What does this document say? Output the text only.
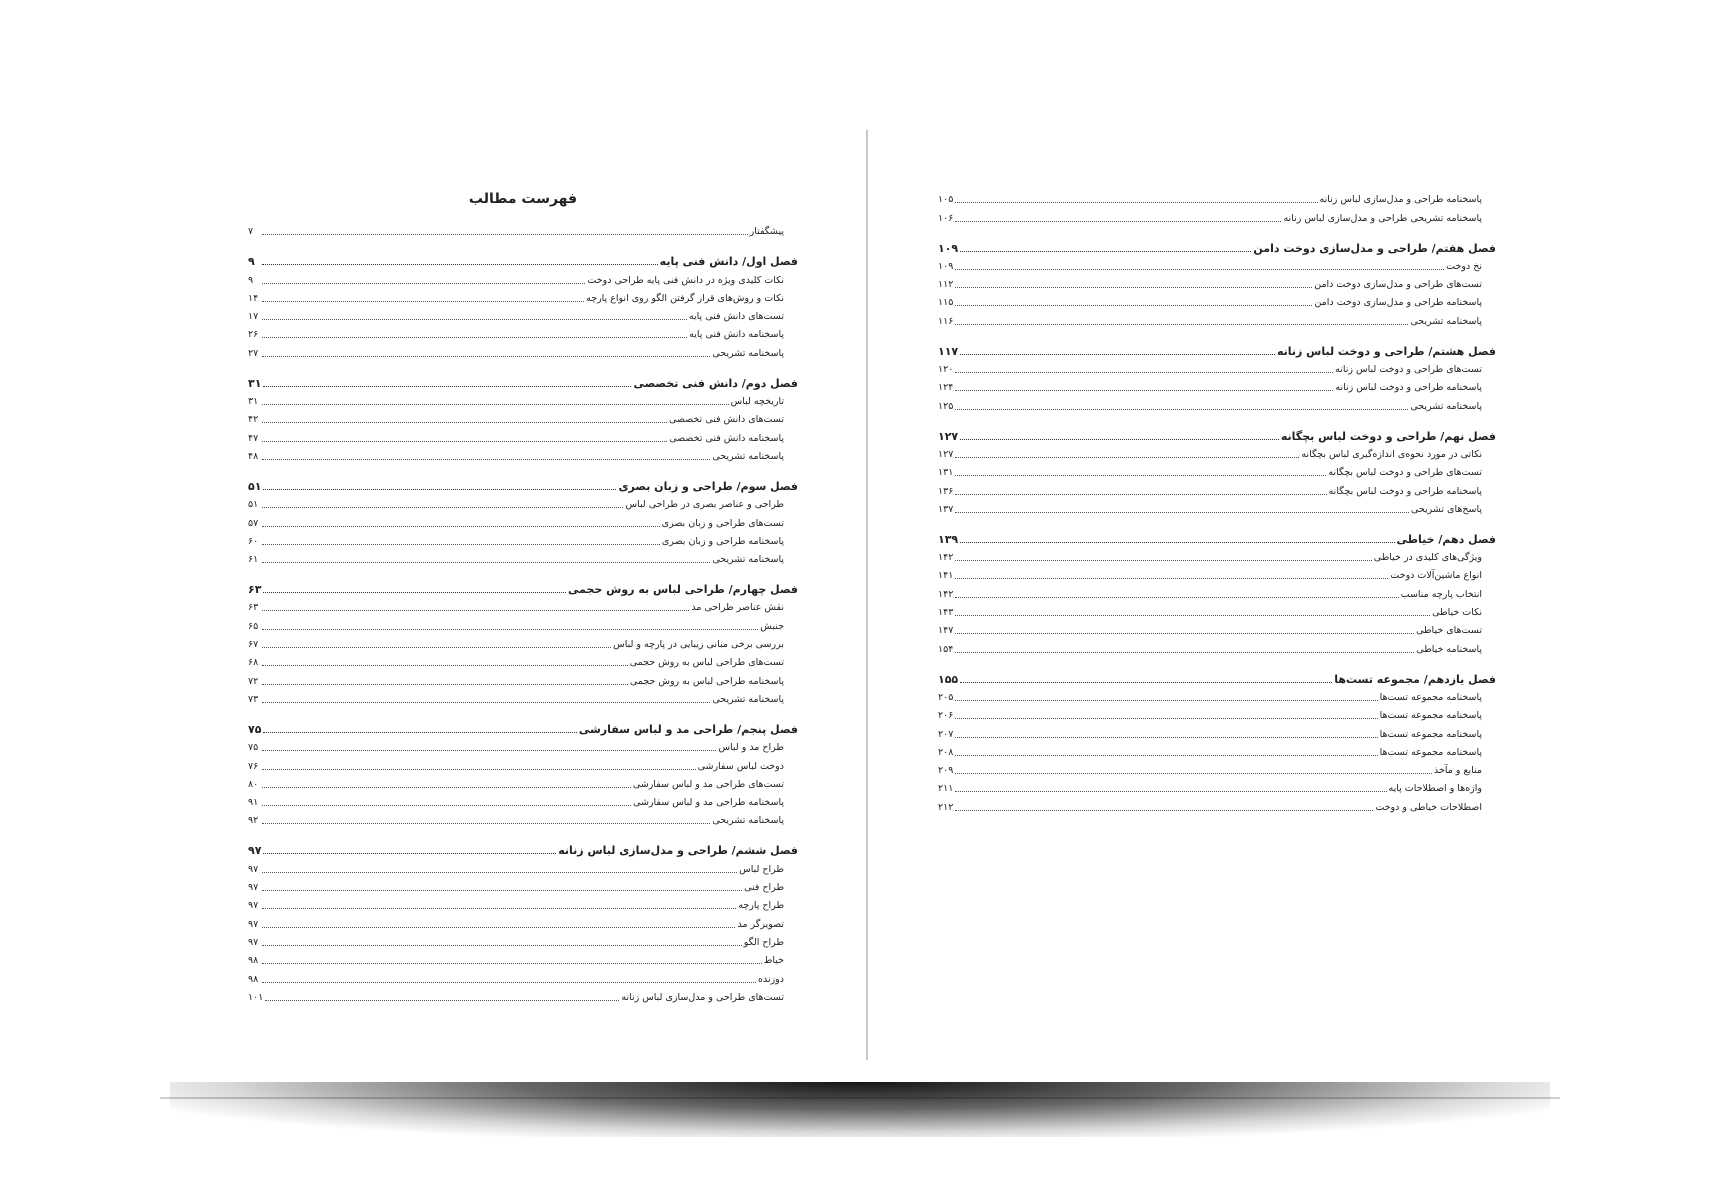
فهرست مطالب
پیشگفتار
۷
فصل اول/ دانش فنی پایه
۹
نکات کلیدی ویژه در دانش فنی پایه طراحی دوخت
۹
نکات و روش‌های قرار گرفتن الگو روی انواع پارچه
۱۴
تست‌های دانش فنی پایه
۱۷
پاسخنامه دانش فنی پایه
۲۶
پاسخنامه تشریحی
۲۷
فصل دوم/ دانش فنی تخصصی
۳۱
تاریخچه لباس
۳۱
تست‌های دانش فنی تخصصی
۴۲
پاسخنامه دانش فنی تخصصی
۴۷
پاسخنامه تشریحی
۴۸
فصل سوم/ طراحی و زبان بصری
۵۱
طراحی و عناصر بصری در طراحی لباس
۵۱
تست‌های طراحی و زبان بصری
۵۷
پاسخنامه طراحی و زبان بصری
۶۰
پاسخنامه تشریحی
۶۱
فصل چهارم/ طراحی لباس به روش حجمی
۶۳
نقش عناصر طراحی مد
۶۳
جنبش
۶۵
بررسی برخی مبانی زیبایی در پارچه و لباس
۶۷
تست‌های طراحی لباس به روش حجمی
۶۸
پاسخنامه طراحی لباس به روش حجمی
۷۲
پاسخنامه تشریحی
۷۳
فصل پنجم/ طراحی مد و لباس سفارشی
۷۵
طراح مد و لباس
۷۵
دوخت لباس سفارشی
۷۶
تست‌های طراحی مد و لباس سفارشی
۸۰
پاسخنامه طراحی مد و لباس سفارشی
۹۱
پاسخنامه تشریحی
۹۲
فصل ششم/ طراحی و مدل‌سازی لباس زنانه
۹۷
طراح لباس
۹۷
طراح فنی
۹۷
طراح پارچه
۹۷
تصویرگر مد
۹۷
طراح الگو
۹۷
خیاط
۹۸
دوزنده
۹۸
تست‌های طراحی و مدل‌سازی لباس زنانه
۱۰۱
پاسخنامه طراحی و مدل‌سازی لباس زنانه
۱۰۵
پاسخنامه تشریحی طراحی و مدل‌سازی لباس زنانه
۱۰۶
فصل هفتم/ طراحی و مدل‌سازی دوخت دامن
۱۰۹
نخ دوخت
۱۰۹
تست‌های طراحی و مدل‌سازی دوخت دامن
۱۱۲
پاسخنامه طراحی و مدل‌سازی دوخت دامن
۱۱۵
پاسخنامه تشریحی
۱۱۶
فصل هشتم/ طراحی و دوخت لباس زنانه
۱۱۷
تست‌های طراحی و دوخت لباس زنانه
۱۲۰
پاسخنامه طراحی و دوخت لباس زنانه
۱۲۴
پاسخنامه تشریحی
۱۲۵
فصل نهم/ طراحی و دوخت لباس بچگانه
۱۲۷
نکاتی در مورد نحوه‌ی اندازه‌گیری لباس بچگانه
۱۲۷
تست‌های طراحی و دوخت لباس بچگانه
۱۳۱
پاسخنامه طراحی و دوخت لباس بچگانه
۱۳۶
پاسخ‌های تشریحی
۱۳۷
فصل دهم/ خیاطی
۱۳۹
ویژگی‌های کلیدی در خیاطی
۱۴۲
انواع ماشین‌آلات دوخت
۱۴۱
انتخاب پارچه مناسب
۱۴۲
نکات خیاطی
۱۴۳
تست‌های خیاطی
۱۴۷
پاسخنامه خیاطی
۱۵۴
فصل یازدهم/ مجموعه تست‌ها
۱۵۵
پاسخنامه مجموعه تست‌ها
۲۰۵
پاسخنامه مجموعه تست‌ها
۲۰۶
پاسخنامه مجموعه تست‌ها
۲۰۷
پاسخنامه مجموعه تست‌ها
۲۰۸
منابع و مآخذ
۲۰۹
واژه‌ها و اصطلاحات پایه
۲۱۱
اصطلاحات خیاطی و دوخت
۲۱۲
